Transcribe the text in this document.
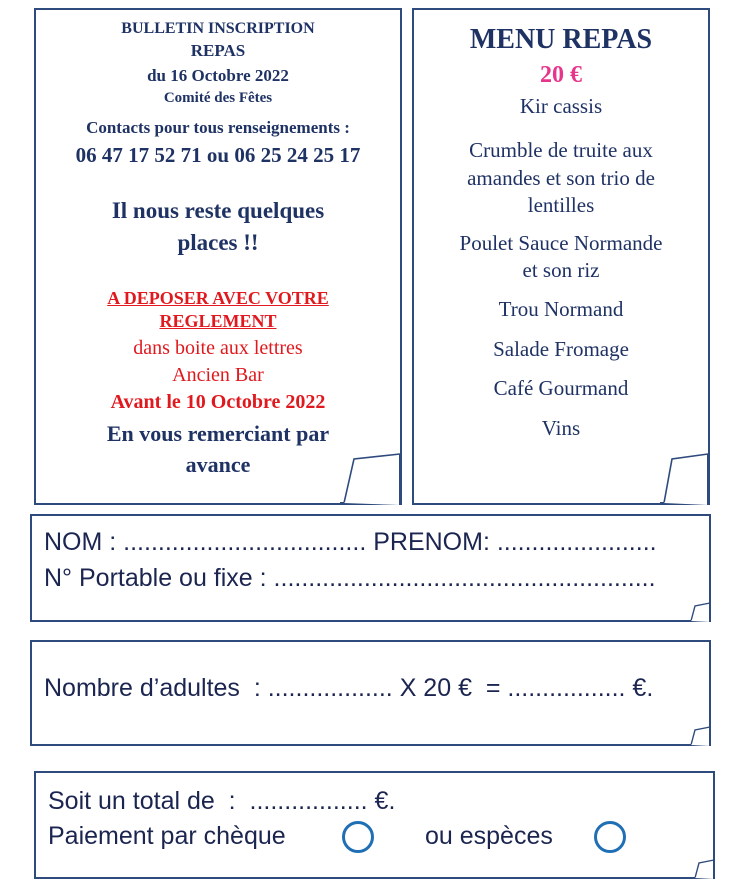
BULLETIN INSCRIPTION
REPAS
du 16 Octobre 2022
Comité des Fêtes
Contacts pour tous renseignements :
06 47 17 52 71 ou 06 25 24 25 17
Il nous reste quelques
places !!
A DEPOSER AVEC VOTRE
REGLEMENT
dans boite aux lettres
Ancien Bar
Avant le 10 Octobre 2022
En vous remerciant par
avance
MENU REPAS
20 €
Kir cassis
Crumble de truite aux
amandes et son trio de
lentilles
Poulet Sauce Normande
et son riz
Trou Normand
Salade Fromage
Café Gourmand
Vins
NOM : ................................... PRENOM: .......................
N° Portable ou fixe : .......................................................
Nombre d’adultes  : .................. X 20 €  = ................. €.
Soit un total de  :  ................. €.
Paiement par chèque	ou espèces
